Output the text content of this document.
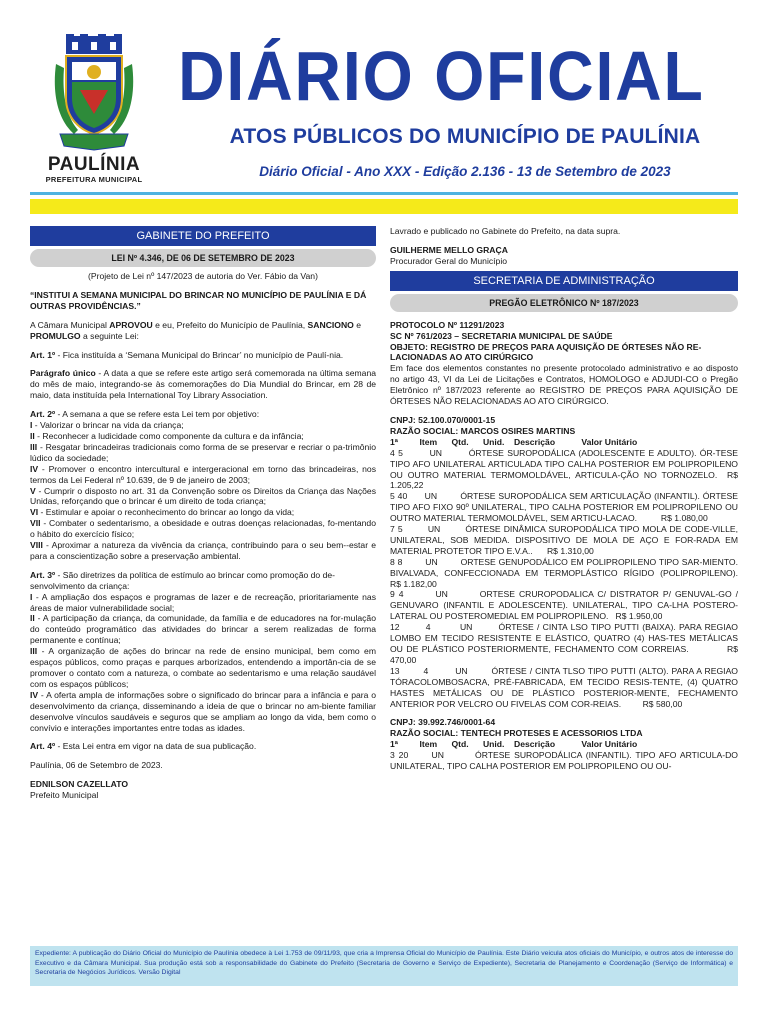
PAULÍNIA
PREFEITURA MUNICIPAL
DIÁRIO OFICIAL
ATOS PÚBLICOS DO MUNICÍPIO DE PAULÍNIA
Diário Oficial - Ano XXX - Edição 2.136 - 13 de Setembro de 2023
GABINETE DO PREFEITO
LEI Nº 4.346, DE 06 DE SETEMBRO DE 2023

(Projeto de Lei nº 147/2023 de autoria do Ver. Fábio da Van)

“INSTITUI A SEMANA MUNICIPAL DO BRINCAR NO MUNICÍPIO DE PAULÍNIA E DÁ OUTRAS PROVIDÊNCIAS.”

A Câmara Municipal APROVOU e eu, Prefeito do Município de Paulínia, SANCIONO e PROMULGO a seguinte Lei:

Art. 1º - Fica instituída a ‘Semana Municipal do Brincar’ no município de Paulí-nia.

Parágrafo único - A data a que se refere este artigo será comemorada na última semana do mês de maio, integrando-se às comemorações do Dia Mundial do Brincar, em 28 de maio, data instituída pela International Toy Library Association.

Art. 2º - A semana a que se refere esta Lei tem por objetivo:

I - Valorizar o brincar na vida da criança;

II - Reconhecer a ludicidade como componente da cultura e da infância;

III - Resgatar brincadeiras tradicionais como forma de se preservar e recriar o pa-trimônio lúdico da sociedade;

IV - Promover o encontro intercultural e intergeracional em torno das brincadeiras, nos termos da Lei Federal nº 10.639, de 9 de janeiro de 2003;

V - Cumprir o disposto no art. 31 da Convenção sobre os Direitos da Criança das Nações Unidas, reforçando que o brincar é um direito de toda criança;

VI - Estimular e apoiar o reconhecimento do brincar ao longo da vida;

VII - Combater o sedentarismo, a obesidade e outras doenças relacionadas, fo-mentando o hábito do exercício físico;

VIII - Aproximar a natureza da vivência da criança, contribuindo para o seu bem--estar e para a conscientização sobre a preservação ambiental.

Art. 3º - São diretrizes da política de estímulo ao brincar como promoção do de-senvolvimento da criança:

I - A ampliação dos espaços e programas de lazer e de recreação, prioritariamente nas áreas de maior vulnerabilidade social;

II - A participação da criança, da comunidade, da família e de educadores na for-mulação do conteúdo programático das atividades do brincar a serem realizadas de forma permanente e contínua;

III - A organização de ações do brincar na rede de ensino municipal, bem como em espaços públicos, como praças e parques arborizados, entendendo a importân-cia de se promover o contato com a natureza, o combate ao sedentarismo e uma relação saudável com os espaços públicos;

IV - A oferta ampla de informações sobre o significado do brincar para a infância e para o desenvolvimento da criança, disseminando a ideia de que o brincar no am-biente familiar desenvolve vínculos saudáveis e seguros que se ampliam ao longo da vida, bem como o convívio e interações importantes entre todas as idades.

Art. 4º - Esta Lei entra em vigor na data de sua publicação.

Paulínia, 06 de Setembro de 2023.

EDNILSON CAZELLATO

Prefeito Municipal

Lavrado e publicado no Gabinete do Prefeito, na data supra.

GUILHERME MELLO GRAÇA

Procurador Geral do Município

SECRETARIA DE ADMINISTRAÇÃO
PREGÃO ELETRÔNICO Nº 187/2023

PROTOCOLO Nº 11291/2023

SC Nº 761/2023 – SECRETARIA MUNICIPAL DE SAÚDE

OBJETO: REGISTRO DE PREÇOS PARA AQUISIÇÃO DE ÓRTESES NÃO RE-LACIONADAS AO ATO CIRÚRGICO

Em face dos elementos constantes no presente protocolado administrativo e ao disposto no artigo 43, VI da Lei de Licitações e Contratos, HOMOLOGO e ADJUDI-CO o Pregão Eletrônico nº 187/2023 referente ao REGISTRO DE PREÇOS PARA AQUISIÇÃO DE ÓRTESES NÃO RELACIONADAS AO ATO CIRÚRGICO.

CNPJ: 52.100.070/0001-15

RAZÃO SOCIAL: MARCOS OSIRES MARTINS

1ª         Item      Qtd.      Unid.    Descrição           Valor Unitário

4 5        UN        ÓRTESE SUROPODÁLICA (ADOLESCENTE E ADULTO). ÓR-TESE TIPO AFO UNILATERAL ARTICULADA TIPO CALHA POSTERIOR EM POLIPROPILENO OU OUTRO MATERIAL TERMOMOLDÁVEL, ARTICULA-ÇÃO NO TORNOZELO.  R$ 1.205,22

5 40      UN        ÓRTESE SUROPODÁLICA SEM ARTICULAÇÃO (INFANTIL). ÓRTESE TIPO AFO FIXO 90º UNILATERAL, TIPO CALHA POSTERIOR EM POLIPROPILENO OU OUTRO MATERIAL TERMOMOLDÁVEL, SEM ARTICU-LACAO.          R$ 1.080,00

7 5        UN        ÓRTESE DINÂMICA SUROPODÁLICA TIPO MOLA DE CODE-VILLE, UNILATERAL, SOB MEDIDA. DISPOSITIVO DE MOLA DE AÇO E FOR-RADA EM MATERIAL PROTETOR TIPO E.V.A..      R$ 1.310,00

8 8        UN        ORTESE GENUPODÁLICO EM POLIPROPILENO TIPO SAR-MIENTO. BIVALVADA, CONFECCIONADA EM TERMOPLÁSTICO RÍGIDO (POLIPROPILENO).      R$ 1.182,00

9 4        UN        ORTESE CRUROPODALICA C/ DISTRATOR P/ GENUVAL-GO / GENUVARO (INFANTIL E ADOLESCENTE). UNILATERAL, TIPO CA-LHA POSTERO-LATERAL OU POSTEROMEDIAL EM POLIPROPILENO.   R$ 1.950,00

12        4         UN        ÓRTESE / CINTA LSO TIPO PUTTI (BAIXA). PARA REGIAO LOMBO EM TECIDO RESISTENTE E ELÁSTICO, QUATRO (4) HAS-TES METÁLICAS OU DE PLÁSTICO POSTERIORMENTE, FECHAMENTO COM CORREIAS.           R$ 470,00

13        4         UN        ÓRTESE / CINTA TLSO TIPO PUTTI (ALTO). PARA A REGIAO TÓRACOLOMBOSACRA, PRÉ-FABRICADA, EM TECIDO RESIS-TENTE, (4) QUATRO HASTES METÁLICAS OU DE PLÁSTICO POSTERIOR-MENTE, FECHAMENTO ANTERIOR POR VELCRO OU FIVELAS COM COR-REIAS.         R$ 580,00

CNPJ: 39.992.746/0001-64

RAZÃO SOCIAL: TENTECH PROTESES E ACESSORIOS LTDA

1ª         Item      Qtd.      Unid.    Descrição           Valor Unitário

3 20      UN        ÓRTESE SUROPODÁLICA (INFANTIL). TIPO AFO ARTICULA-DO UNILATERAL, TIPO CALHA POSTERIOR EM POLIPROPILENO OU OU-

Expediente: A publicação do Diário Oficial do Município de Paulínia obedece à Lei 1.753 de 09/11/93, que cria a Imprensa Oficial do Município de Paulínia. Este Diário veicula atos oficiais do Município, e outros atos de interesse do Executivo e da Câmara Municipal. Sua produção está sob a responsabilidade do Gabinete do Prefeito (Secretaria de Governo e Serviço de Expediente), Secretaria de Planejamento e Coordenação (Serviço de Informática) e Secretaria de Negócios Jurídicos. Versão Digital
